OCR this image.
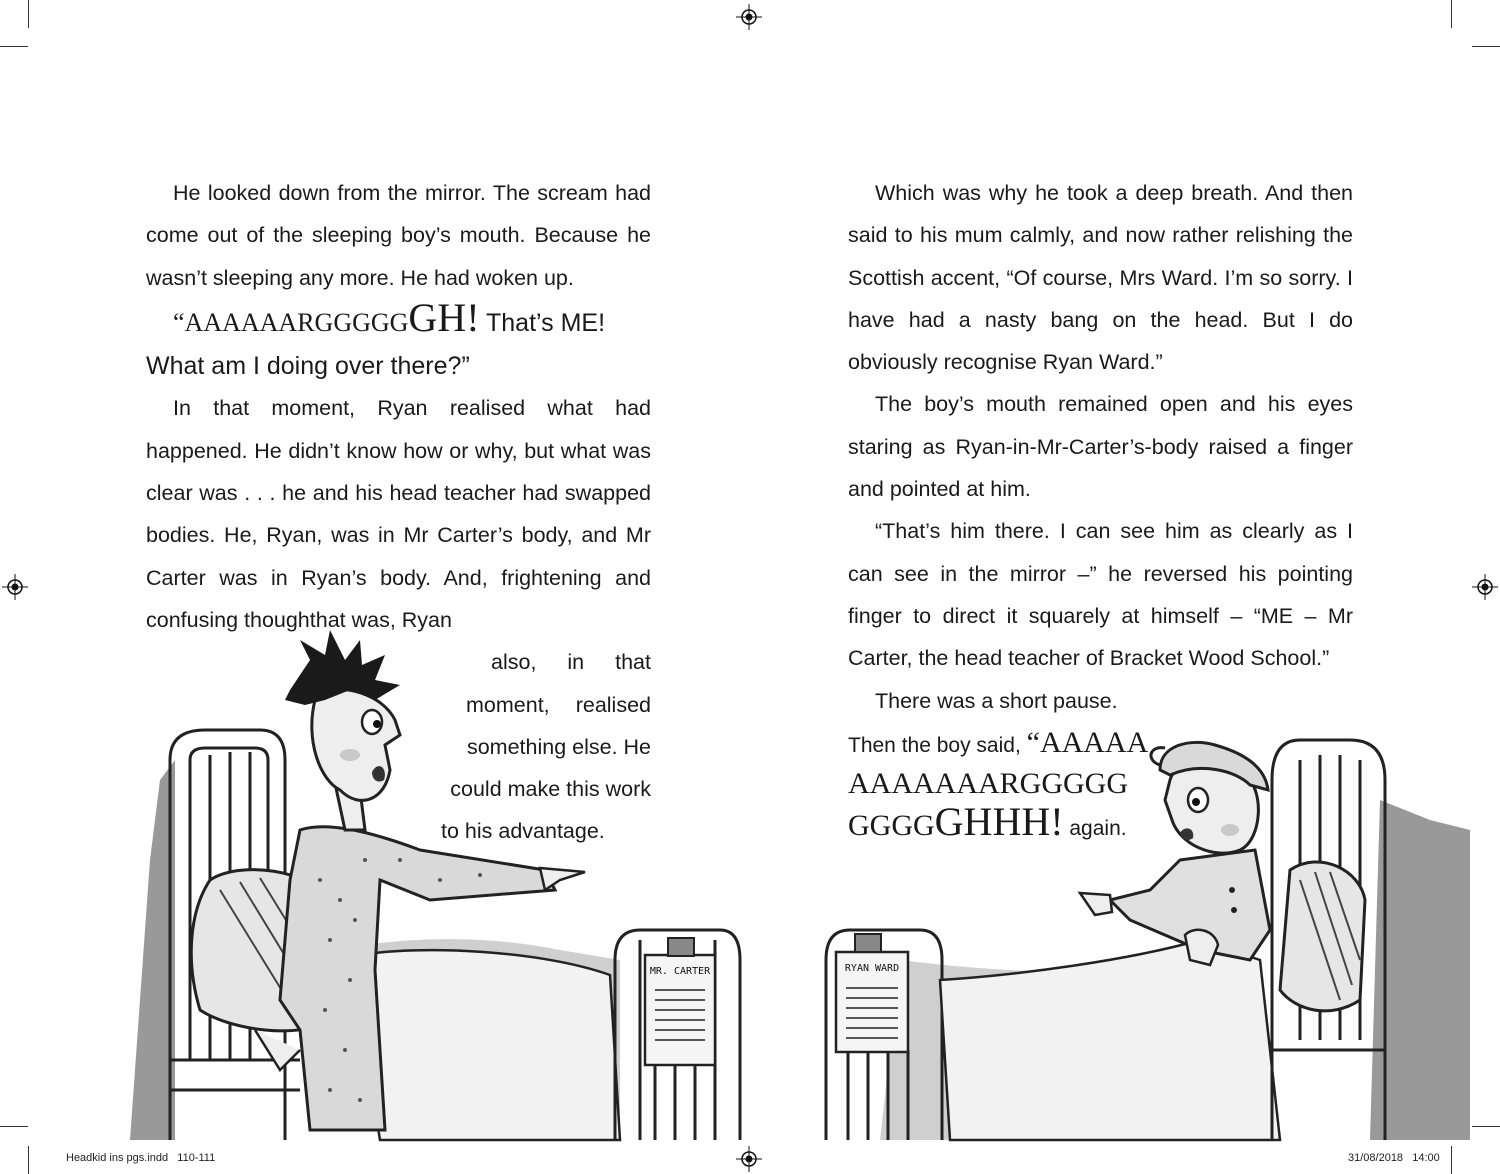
MR. CARTER	RYAN WARD

He looked down from the mirror. The scream had come out of the sleeping boy’s mouth. Because he wasn’t sleeping any more. He had woken up.

“AAAAAARGGGGGGH! That’s ME!

What am I doing over there?”

In that moment, Ryan realised what had happened. He didn’t know how or why, but what was clear was . . . he and his head teacher had swapped bodies. He, Ryan, was in Mr Carter’s body, and Mr Carter was in Ryan’s body. And, frightening and confusing thoughthat was, Ryan

also, in that

moment, realised

something else. He

could make this work

to his advantage.

Which was why he took a deep breath. And then said to his mum calmly, and now rather relishing the Scottish accent, “Of course, Mrs Ward. I’m so sorry. I have had a nasty bang on the head. But I do obviously recognise Ryan Ward.”

The boy’s mouth remained open and his eyes staring as Ryan-in-Mr-Carter’s-body raised a finger and pointed at him.

“That’s him there. I can see him as clearly as I can see in the mirror –” he reversed his pointing finger to direct it squarely at himself – “ME – Mr Carter, the head teacher of Bracket Wood School.”

There was a short pause.

Then the boy said, “AAAAA
AAAAAAARGGGGG
GGGGGHHH! again.
Headkid ins pgs.indd   110-111	31/08/2018   14:00
